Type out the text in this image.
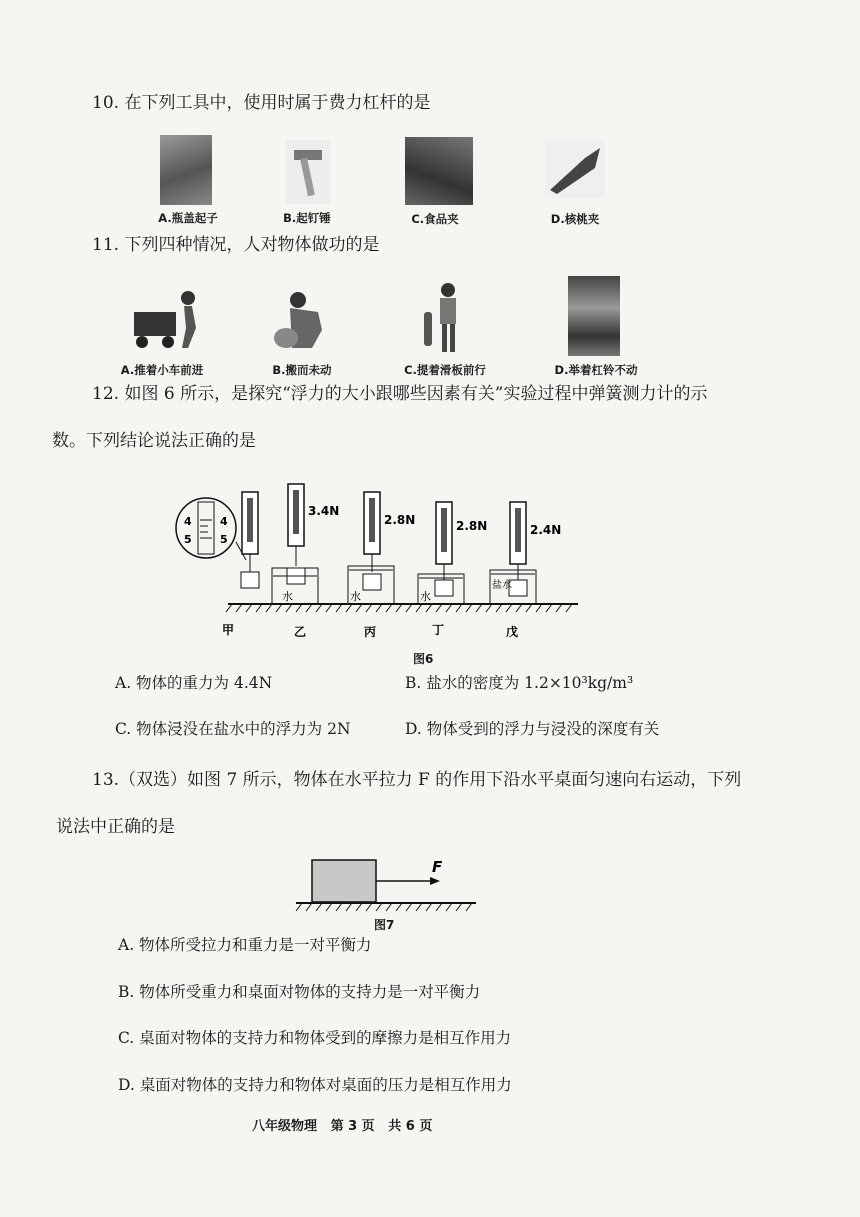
10. 在下列工具中，使用时属于费力杠杆的是
A.瓶盖起子	B.起钉锤	C.食品夹	D.核桃夹
11. 下列四种情况，人对物体做功的是
A.推着小车前进	B.搬而未动	C.提着滑板前行	D.举着杠铃不动
12. 如图 6 所示，是探究“浮力的大小跟哪些因素有关”实验过程中弹簧测力计的示
数。下列结论说法正确的是
4
5
4
5
3.4N
水
2.8N
水
2.8N
水
2.4N
盐水
甲	乙	丙	丁	戊
图6
A. 物体的重力为 4.4N	B. 盐水的密度为 1.2×10³kg/m³
C. 物体浸没在盐水中的浮力为 2N	D. 物体受到的浮力与浸没的深度有关
13.（双选）如图 7 所示，物体在水平拉力 F 的作用下沿水平桌面匀速向右运动，下列
说法中正确的是
F
图7
A. 物体所受拉力和重力是一对平衡力
B. 物体所受重力和桌面对物体的支持力是一对平衡力
C. 桌面对物体的支持力和物体受到的摩擦力是相互作用力
D. 桌面对物体的支持力和物体对桌面的压力是相互作用力
八年级物理   第 3 页   共 6 页
